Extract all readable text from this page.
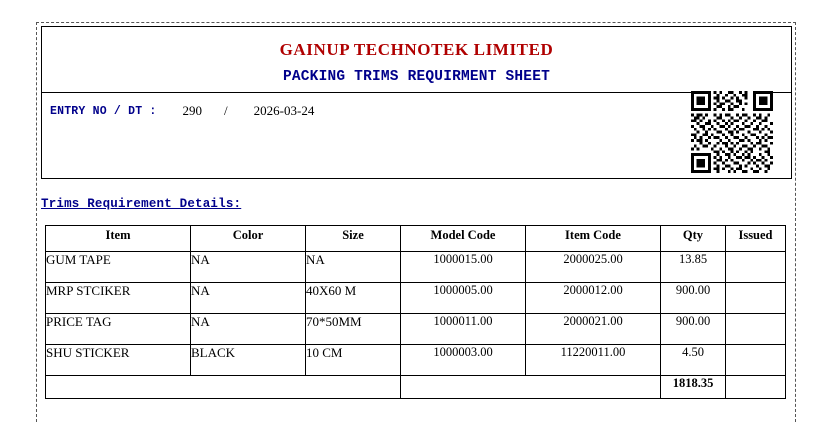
GAINUP TECHNOTEK LIMITED
PACKING TRIMS REQUIRMENT SHEET
ENTRY NO / DT : 290 / 2026-03-24
Trims Requirement Details:
Item	Color	Size	Model Code	Item Code	Qty	Issued
GUM TAPE	NA	NA	1000015.00	2000025.00	13.85	
MRP STCIKER	NA	40X60 M	1000005.00	2000012.00	900.00	
PRICE TAG	NA	70*50MM	1000011.00	2000021.00	900.00	
SHU STICKER	BLACK	10 CM	1000003.00	11220011.00	4.50	
					1818.35	
